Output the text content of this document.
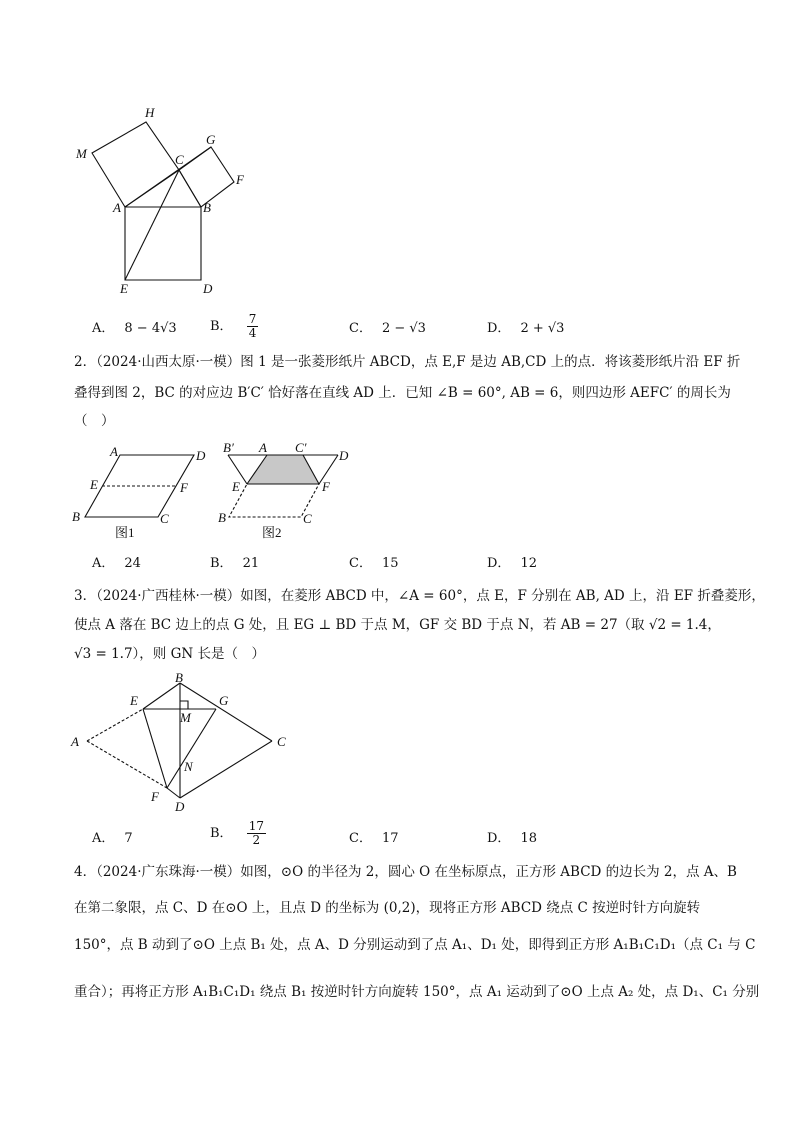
H
M
G
C
F
A	B
E	D
A． 8 − 4√3	B． $\frac{7}{4}$	C． 2 − √3	D． 2 + √3
2．（2024·山西太原·一模）图 1 是一张菱形纸片 ABCD，点 E,F 是边 AB,CD 上的点．将该菱形纸片沿 EF 折
叠得到图 2，BC 的对应边 B′C′ 恰好落在直线 AD 上．已知 ∠B = 60°, AB = 6，则四边形 AEFC′ 的周长为
（　）
A	D
E	F
B	C
图1
B′ A C′
D
E	F
B	C
图2
A． 24	B． 21	C． 15	D． 12
3．（2024·广西桂林·一模）如图，在菱形 ABCD 中，∠A = 60°，点 E，F 分别在 AB, AD 上，沿 EF 折叠菱形，
使点 A 落在 BC 边上的点 G 处，且 EG ⊥ BD 于点 M，GF 交 BD 于点 N，若 AB = 27（取 √2 = 1.4，
√3 = 1.7），则 GN 长是（　）
B
E
M
G
A	C
N
F
D
A． 7	B． $\frac{17}{2}$	C． 17	D． 18
4．（2024·广东珠海·一模）如图，⊙O 的半径为 2，圆心 O 在坐标原点，正方形 ABCD 的边长为 2，点 A、B
在第二象限，点 C、D 在⊙O 上，且点 D 的坐标为 (0,2)，现将正方形 ABCD 绕点 C 按逆时针方向旋转
150°，点 B 动到了⊙O 上点 B₁ 处，点 A、D 分别运动到了点 A₁、D₁ 处，即得到正方形 A₁B₁C₁D₁（点 C₁ 与 C
重合）；再将正方形 A₁B₁C₁D₁ 绕点 B₁ 按逆时针方向旋转 150°，点 A₁ 运动到了⊙O 上点 A₂ 处，点 D₁、C₁ 分别
